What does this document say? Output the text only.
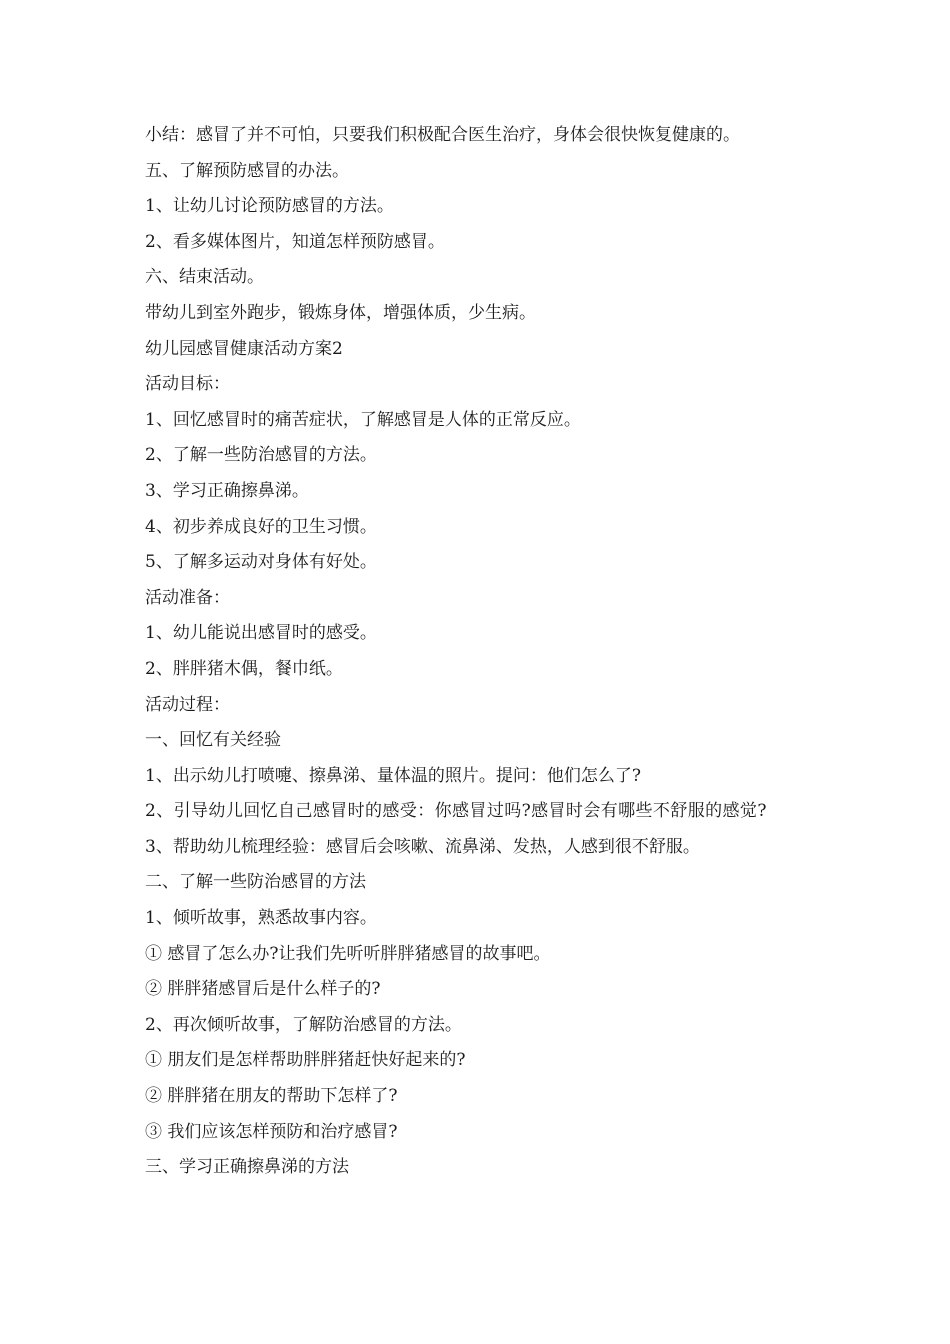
小结：感冒了并不可怕，只要我们积极配合医生治疗，身体会很快恢复健康的。
五、了解预防感冒的办法。
1、让幼儿讨论预防感冒的方法。
2、看多媒体图片，知道怎样预防感冒。
六、结束活动。
带幼儿到室外跑步，锻炼身体，增强体质，少生病。
幼儿园感冒健康活动方案2
活动目标：
1、回忆感冒时的痛苦症状，了解感冒是人体的正常反应。
2、了解一些防治感冒的方法。
3、学习正确擦鼻涕。
4、初步养成良好的卫生习惯。
5、了解多运动对身体有好处。
活动准备：
1、幼儿能说出感冒时的感受。
2、胖胖猪木偶，餐巾纸。
活动过程：
一、回忆有关经验
1、出示幼儿打喷嚏、擦鼻涕、量体温的照片。提问：他们怎么了?
2、引导幼儿回忆自己感冒时的感受：你感冒过吗?感冒时会有哪些不舒服的感觉?
3、帮助幼儿梳理经验：感冒后会咳嗽、流鼻涕、发热，人感到很不舒服。
二、了解一些防治感冒的方法
1、倾听故事，熟悉故事内容。
① 感冒了怎么办?让我们先听听胖胖猪感冒的故事吧。
② 胖胖猪感冒后是什么样子的?
2、再次倾听故事，了解防治感冒的方法。
① 朋友们是怎样帮助胖胖猪赶快好起来的?
② 胖胖猪在朋友的帮助下怎样了?
③ 我们应该怎样预防和治疗感冒?
三、学习正确擦鼻涕的方法
